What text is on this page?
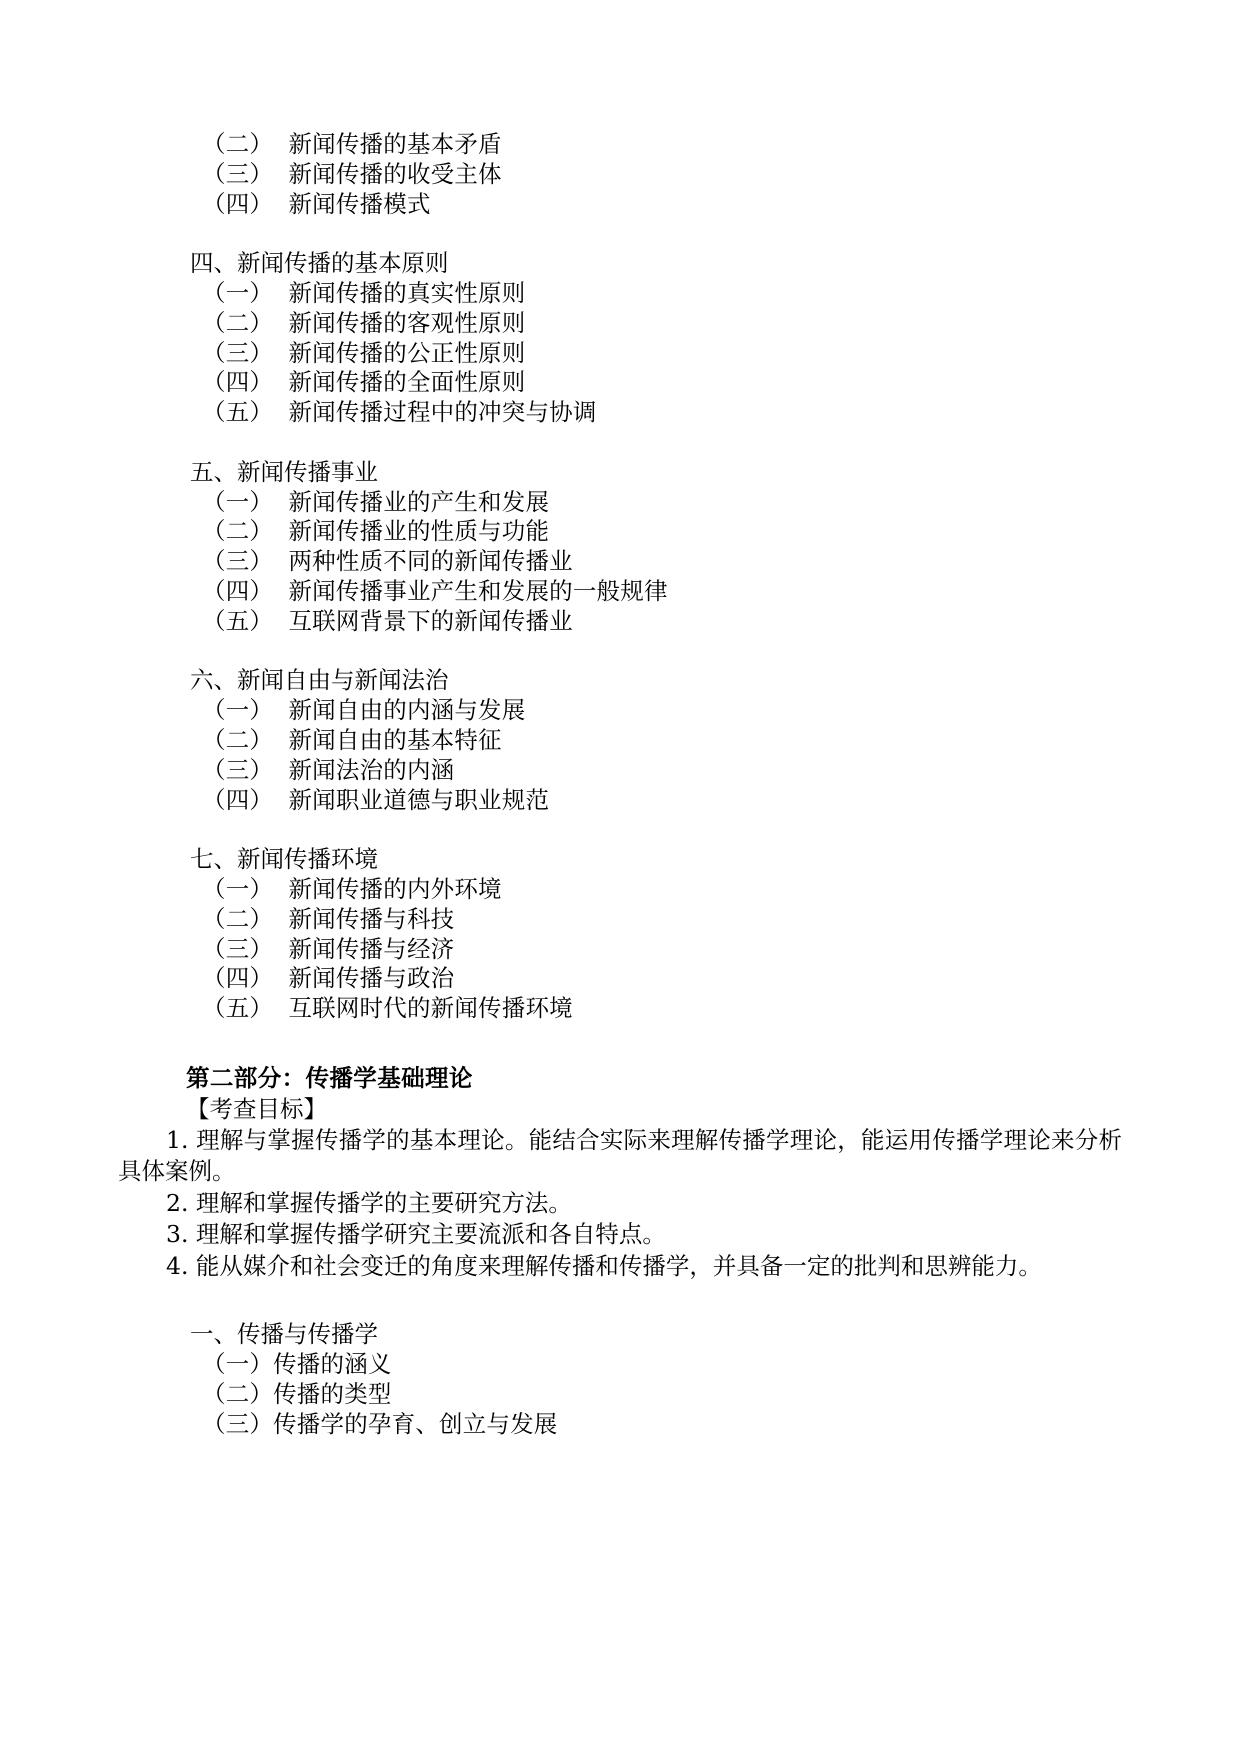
（二）  新闻传播的基本矛盾
（三）  新闻传播的收受主体
（四）  新闻传播模式
四、新闻传播的基本原则
（一）  新闻传播的真实性原则
（二）  新闻传播的客观性原则
（三）  新闻传播的公正性原则
（四）  新闻传播的全面性原则
（五）  新闻传播过程中的冲突与协调
五、新闻传播事业
（一）  新闻传播业的产生和发展
（二）  新闻传播业的性质与功能
（三）  两种性质不同的新闻传播业
（四）  新闻传播事业产生和发展的一般规律
（五）  互联网背景下的新闻传播业
六、新闻自由与新闻法治
（一）  新闻自由的内涵与发展
（二）  新闻自由的基本特征
（三）  新闻法治的内涵
（四）  新闻职业道德与职业规范
七、新闻传播环境
（一）  新闻传播的内外环境
（二）  新闻传播与科技
（三）  新闻传播与经济
（四）  新闻传播与政治
（五）  互联网时代的新闻传播环境
第二部分：传播学基础理论
【考查目标】
1. 理解与掌握传播学的基本理论。能结合实际来理解传播学理论，能运用传播学理论来分析具体案例。
2. 理解和掌握传播学的主要研究方法。
3. 理解和掌握传播学研究主要流派和各自特点。
4. 能从媒介和社会变迁的角度来理解传播和传播学，并具备一定的批判和思辨能力。
一、传播与传播学
（一）传播的涵义
（二）传播的类型
（三）传播学的孕育、创立与发展
